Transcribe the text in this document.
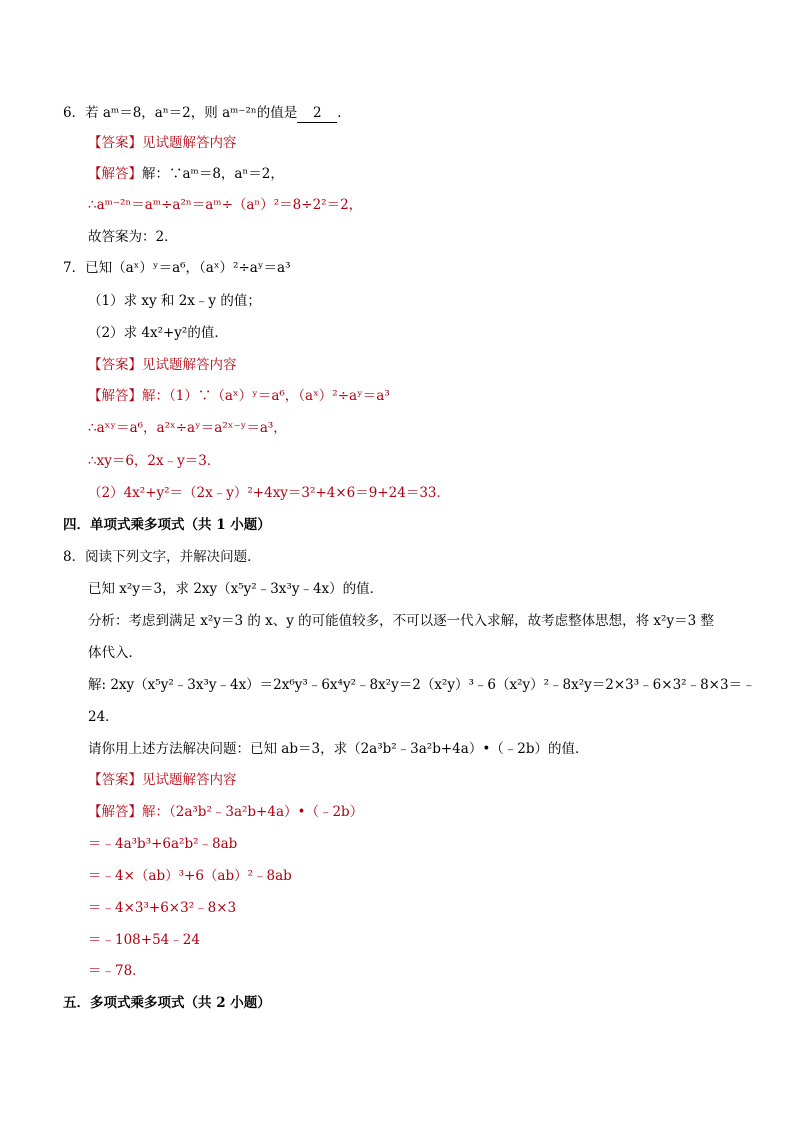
6．若 aᵐ＝8，aⁿ＝2，则 aᵐ⁻²ⁿ的值是 2 ．
【答案】见试题解答内容
【解答】解：∵aᵐ＝8，aⁿ＝2，
∴aᵐ⁻²ⁿ＝aᵐ÷a²ⁿ＝aᵐ÷（aⁿ）²＝8÷2²＝2，
故答案为：2．
7．已知（aˣ）ʸ＝a⁶，（aˣ）²÷aʸ＝a³
（1）求 xy 和 2x﹣y 的值；
（2）求 4x²+y²的值．
【答案】见试题解答内容
【解答】解：（1）∵（aˣ）ʸ＝a⁶，（aˣ）²÷aʸ＝a³
∴aˣʸ＝a⁶，a²ˣ÷aʸ＝a²ˣ⁻ʸ＝a³，
∴xy＝6，2x﹣y＝3．
（2）4x²+y²＝（2x﹣y）²+4xy＝3²+4×6＝9+24＝33．
四．单项式乘多项式（共 1 小题）
8．阅读下列文字，并解决问题．
已知 x²y＝3，求 2xy（x⁵y²﹣3x³y﹣4x）的值．
分析：考虑到满足 x²y＝3 的 x、y 的可能值较多，不可以逐一代入求解，故考虑整体思想，将 x²y＝3 整
体代入．
解: 2xy（x⁵y²﹣3x³y﹣4x）＝2x⁶y³﹣6x⁴y²﹣8x²y＝2（x²y）³﹣6（x²y）²﹣8x²y＝2×3³﹣6×3²﹣8×3＝﹣
24．
请你用上述方法解决问题：已知 ab＝3，求（2a³b²﹣3a²b+4a）•（﹣2b）的值．
【答案】见试题解答内容
【解答】解：（2a³b²﹣3a²b+4a）•（﹣2b）
＝﹣4a³b³+6a²b²﹣8ab
＝﹣4×（ab）³+6（ab）²﹣8ab
＝﹣4×3³+6×3²﹣8×3
＝﹣108+54﹣24
＝﹣78．
五．多项式乘多项式（共 2 小题）
